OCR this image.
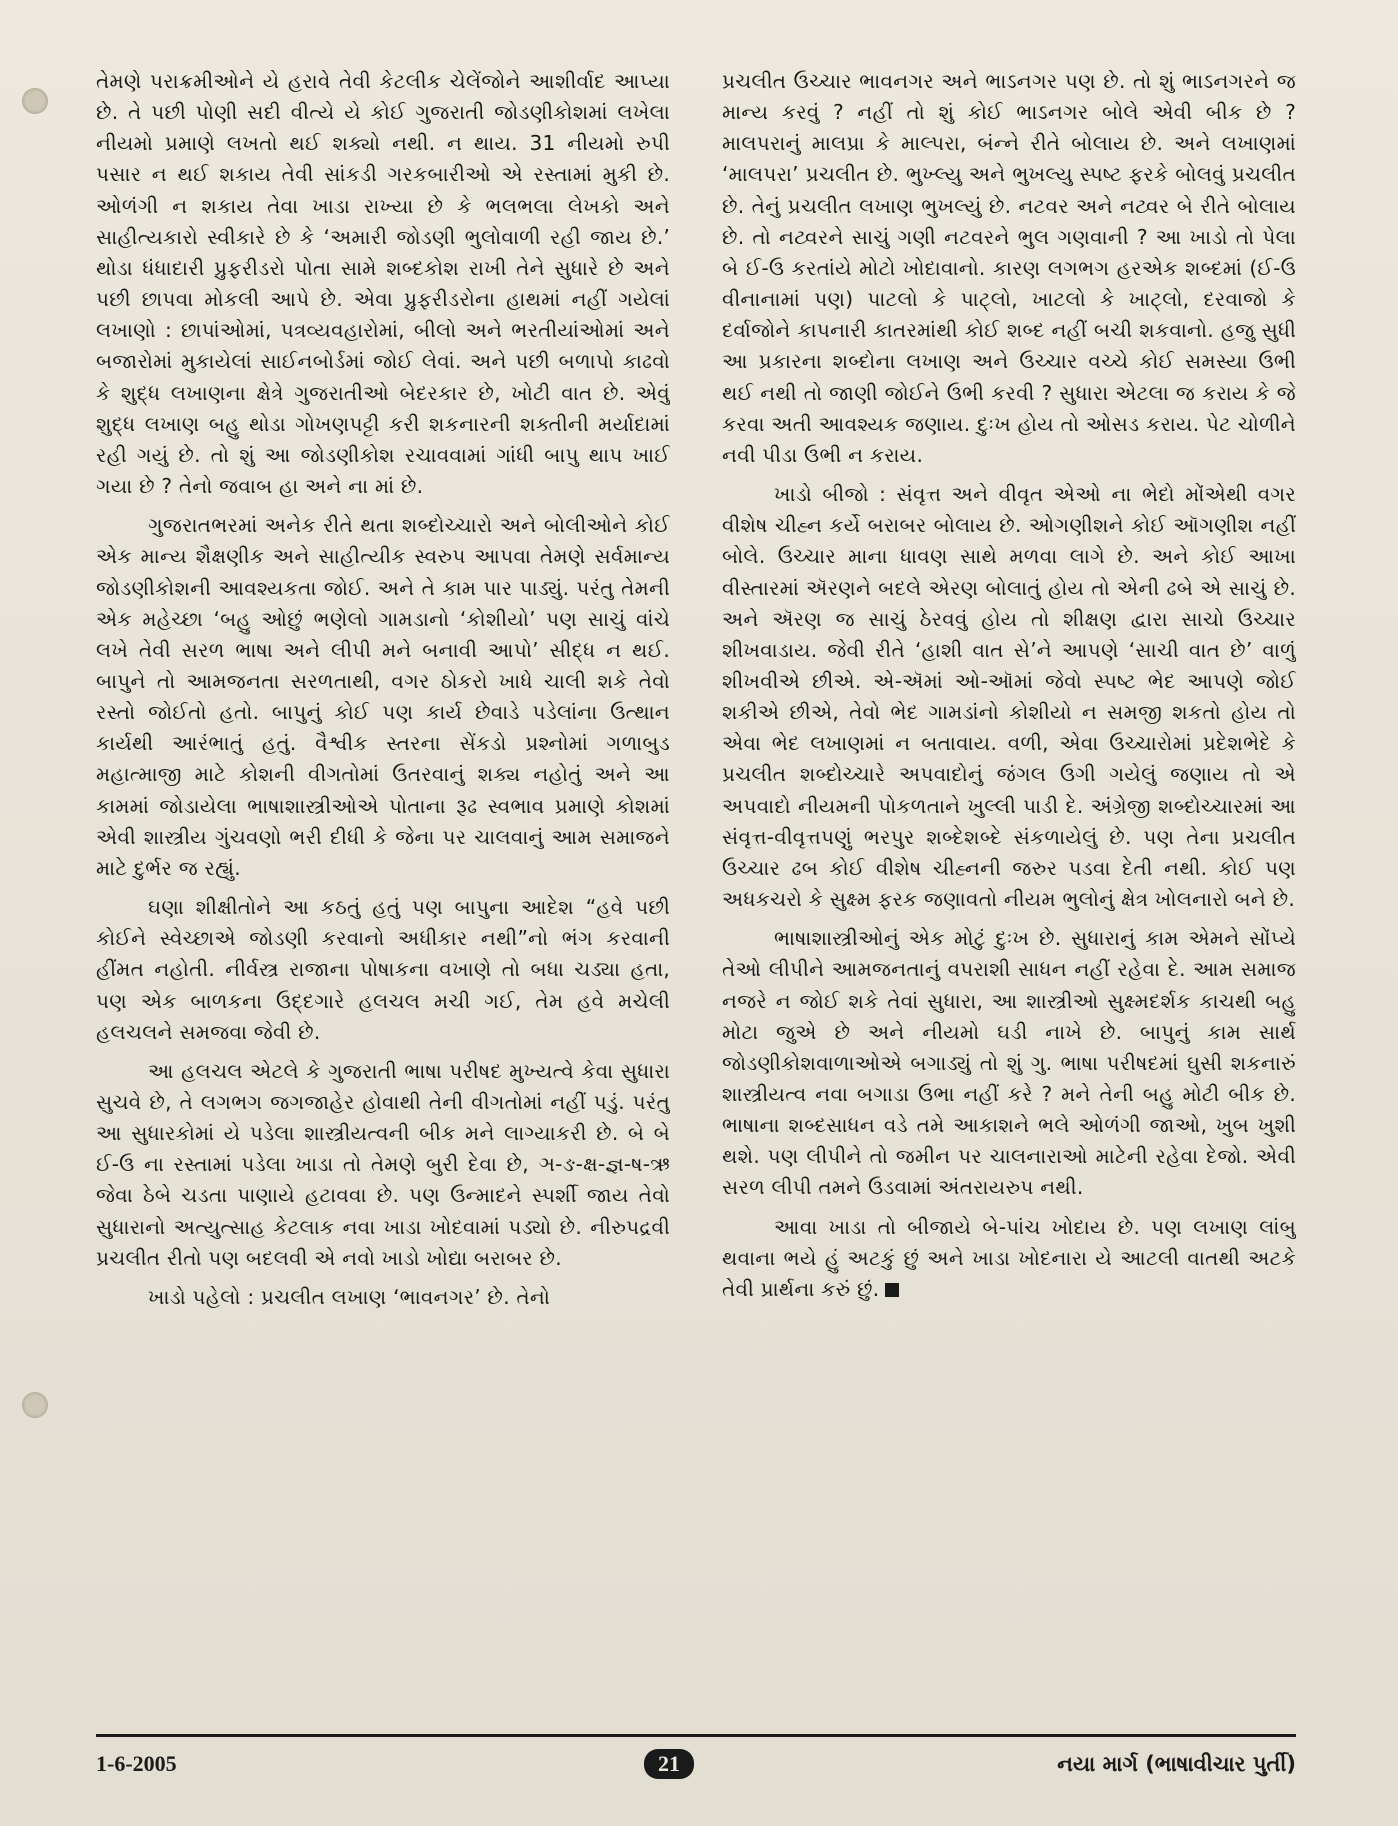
તેમણે પરાક્રમીઓને યે હરાવે તેવી કેટલીક ચેલેંજોને આશીર્વાદ આપ્યા છે. તે પછી પોણી સદી વીત્યે યે કોઈ ગુજરાતી જોડણીકોશમાં લખેલા નીયમો પ્રમાણે લખતો થઈ શક્યો નથી. ન થાય. 31 નીયમો રુપી પસાર ન થઈ શકાય તેવી સાંકડી ગરકબારીઓ એ રસ્તામાં મુકી છે. ઓળંગી ન શકાય તેવા ખાડા રાખ્યા છે કે ભલભલા લેખકો અને સાહીત્યકારો સ્વીકારે છે કે ‘અમારી જોડણી ભુલોવાળી રહી જાય છે.’ થોડા ધંધાદારી પ્રુફરીડરો પોતા સામે શબ્દકોશ રાખી તેને સુધારે છે અને પછી છાપવા મોકલી આપે છે. એવા પ્રુફરીડરોના હાથમાં નહીં ગયેલાં લખાણો : છાપાંઓમાં, પત્રવ્યવહારોમાં, બીલો અને ભરતીયાંઓમાં અને બજારોમાં મુકાયેલાં સાઈનબોર્ડમાં જોઈ લેવાં. અને પછી બળાપો કાઢવો કે શુદ્ધ લખાણના ક્ષેત્રે ગુજરાતીઓ બેદરકાર છે, ખોટી વાત છે. એવું શુદ્ધ લખાણ બહુ થોડા ગોખણપટ્ટી કરી શકનારની શક્તીની મર્યાદામાં રહી ગયું છે. તો શું આ જોડણીકોશ રચાવવામાં ગાંધી બાપુ થાપ ખાઈ ગયા છે ? તેનો જવાબ હા અને ના માં છે.

ગુજરાતભરમાં અનેક રીતે થતા શબ્દોચ્ચારો અને બોલીઓને કોઈ એક માન્ય શૈક્ષણીક અને સાહીત્યીક સ્વરુપ આપવા તેમણે સર્વમાન્ય જોડણીકોશની આવશ્યકતા જોઈ. અને તે કામ પાર પાડ્યું. પરંતુ તેમની એક મહેચ્છા ‘બહુ ઓછું ભણેલો ગામડાનો ‘કોશીયો’ પણ સાચું વાંચે લખે તેવી સરળ ભાષા અને લીપી મને બનાવી આપો’ સીદ્ધ ન થઈ. બાપુને તો આમજનતા સરળતાથી, વગર ઠોકરો ખાધે ચાલી શકે તેવો રસ્તો જોઈતો હતો. બાપુનું કોઈ પણ કાર્ય છેવાડે પડેલાંના ઉત્થાન કાર્યથી આરંભાતું હતું. વૈશ્વીક સ્તરના સેંકડો પ્રશ્નોમાં ગળાબુડ મહાત્માજી માટે કોશની વીગતોમાં ઉતરવાનું શક્ય નહોતું અને આ કામમાં જોડાયેલા ભાષાશાસ્ત્રીઓએ પોતાના રૂઢ સ્વભાવ પ્રમાણે કોશમાં એવી શાસ્ત્રીય ગુંચવણો ભરી દીધી કે જેના પર ચાલવાનું આમ સમાજને માટે દુર્ભર જ રહ્યું.

ઘણા શીક્ષીતોને આ કઠતું હતું પણ બાપુના આદેશ “હવે પછી કોઈને સ્વેચ્છાએ જોડણી કરવાનો અધીકાર નથી”નો ભંગ કરવાની હીંમત નહોતી. નીર્વસ્ત્ર રાજાના પોષાકના વખાણે તો બધા ચડ્યા હતા, પણ એક બાળકના ઉદ્દગારે હલચલ મચી ગઈ, તેમ હવે મચેલી હલચલને સમજવા જેવી છે.

આ હલચલ એટલે કે ગુજરાતી ભાષા પરીષદ મુખ્યત્વે કેવા સુધારા સુચવે છે, તે લગભગ જગજાહેર હોવાથી તેની વીગતોમાં નહીં પડું. પરંતુ આ સુધારકોમાં યે પડેલા શાસ્ત્રીયત્વની બીક મને લાગ્યાકરી છે. બે બે ઈ-ઉ ના રસ્તામાં પડેલા ખાડા તો તેમણે બુરી દેવા છે, ઞ-ઙ-ક્ષ-જ્ઞ-ષ-ઋ જેવા ઠેબે ચડતા પાણાયે હટાવવા છે. પણ ઉન્માદને સ્પર્શી જાય તેવો સુધારાનો અત્યુત્સાહ કેટલાક નવા ખાડા ખોદવામાં પડ્યો છે. નીરુપદ્રવી પ્રચલીત રીતો પણ બદલવી એ નવો ખાડો ખોદ્યા બરાબર છે.

ખાડો પહેલો : પ્રચલીત લખાણ ‘ભાવનગર’ છે. તેનો

પ્રચલીત ઉચ્ચાર ભાવનગર અને ભાઽનગર પણ છે. તો શું ભાઽનગરને જ માન્ય કરવું ? નહીં તો શું કોઈ ભાઽનગર બોલે એવી બીક છે ? માલપરાનું માલપ્રા કે માલ્પરા, બંન્ને રીતે બોલાય છે. અને લખાણમાં ‘માલપરા’ પ્રચલીત છે. ભુખ્લ્યુ અને ભુખલ્યુ સ્પષ્ટ ફરકે બોલવું પ્રચલીત છે. તેનું પ્રચલીત લખાણ ભુખલ્યું છે. નટવર અને નટ્વર બે રીતે બોલાય છે. તો નટ્વરને સાચું ગણી નટવરને ભુલ ગણવાની ? આ ખાડો તો પેલા બે ઈ-ઉ કરતાંયે મોટો ખોદાવાનો. કારણ લગભગ હરએક શબ્દમાં (ઈ-ઉ વીનાનામાં પણ) પાટલો કે પાટ્લો, ખાટલો કે ખાટ્લો, દરવાજો કે દર્વાજોને કાપનારી કાતરમાંથી કોઈ શબ્દ નહીં બચી શકવાનો. હજુ સુધી આ પ્રકારના શબ્દોના લખાણ અને ઉચ્ચાર વચ્ચે કોઈ સમસ્યા ઉભી થઈ નથી તો જાણી જોઈને ઉભી કરવી ? સુધારા એટલા જ કરાય કે જે કરવા અતી આવશ્યક જણાય. દુઃખ હોય તો ઓસડ કરાય. પેટ ચોળીને નવી પીડા ઉભી ન કરાય.

ખાડો બીજો : સંવૃત્ત અને વીવૃત એઓ ના ભેદો મોંએથી વગર વીશેષ ચીહ્ન કર્યે બરાબર બોલાય છે. ઓગણીશને કોઈ ઑગણીશ નહીં બોલે. ઉચ્ચાર માના ધાવણ સાથે મળવા લાગે છે. અને કોઈ આખા વીસ્તારમાં ઍરણને બદલે એરણ બોલાતું હોય તો એની ઢબે એ સાચું છે. અને ઍરણ જ સાચું ઠેરવવું હોય તો શીક્ષણ દ્વારા સાચો ઉચ્ચાર શીખવાડાય. જેવી રીતે ‘હાશી વાત સે’ને આપણે ‘સાચી વાત છે’ વાળું શીખવીએ છીએ. એ-ઍમાં ઓ-ઑમાં જેવો સ્પષ્ટ ભેદ આપણે જોઈ શકીએ છીએ, તેવો ભેદ ગામડાંનો કોશીયો ન સમજી શકતો હોય તો એવા ભેદ લખાણમાં ન બતાવાય. વળી, એવા ઉચ્ચારોમાં પ્રદેશભેદે કે પ્રચલીત શબ્દોચ્ચારે અપવાદોનું જંગલ ઉગી ગયેલું જણાય તો એ અપવાદો નીયમની પોકળતાને ખુલ્લી પાડી દે. અંગ્રેજી શબ્દોચ્ચારમાં આ સંવૃત્ત-વીવૃત્તપણું ભરપુર શબ્દેશબ્દે સંકળાયેલું છે. પણ તેના પ્રચલીત ઉચ્ચાર ઢબ કોઈ વીશેષ ચીહ્નની જરુર પડવા દેતી નથી. કોઈ પણ અધકચરો કે સુક્ષ્મ ફરક જણાવતો નીયમ ભુલોનું ક્ષેત્ર ખોલનારો બને છે.

ભાષાશાસ્ત્રીઓનું એક મોટું દુઃખ છે. સુધારાનું કામ એમને સોંપ્યે તેઓ લીપીને આમજનતાનું વપરાશી સાધન નહીં રહેવા દે. આમ સમાજ નજરે ન જોઈ શકે તેવાં સુધારા, આ શાસ્ત્રીઓ સુક્ષ્મદર્શક કાચથી બહુ મોટા જુએ છે અને નીયમો ઘડી નાખે છે. બાપુનું કામ સાર્થ જોડણીકોશવાળાઓએ બગાડ્યું તો શું ગુ. ભાષા પરીષદમાં ઘુસી શકનારું શાસ્ત્રીયત્વ નવા બગાડા ઉભા નહીં કરે ? મને તેની બહુ મોટી બીક છે. ભાષાના શબ્દસાધન વડે તમે આકાશને ભલે ઓળંગી જાઓ, ખુબ ખુશી થશે. પણ લીપીને તો જમીન પર ચાલનારાઓ માટેની રહેવા દેજો. એવી સરળ લીપી તમને ઉડવામાં અંતરાયરુપ નથી.

આવા ખાડા તો બીજાયે બે-પાંચ ખોદાય છે. પણ લખાણ લાંબુ થવાના ભયે હું અટકું છું અને ખાડા ખોદનારા યે આટલી વાતથી અટકે તેવી પ્રાર્થના કરું છું.

1-6-2005	21	નયા માર્ગ (ભાષાવીચાર પુર્તી)
